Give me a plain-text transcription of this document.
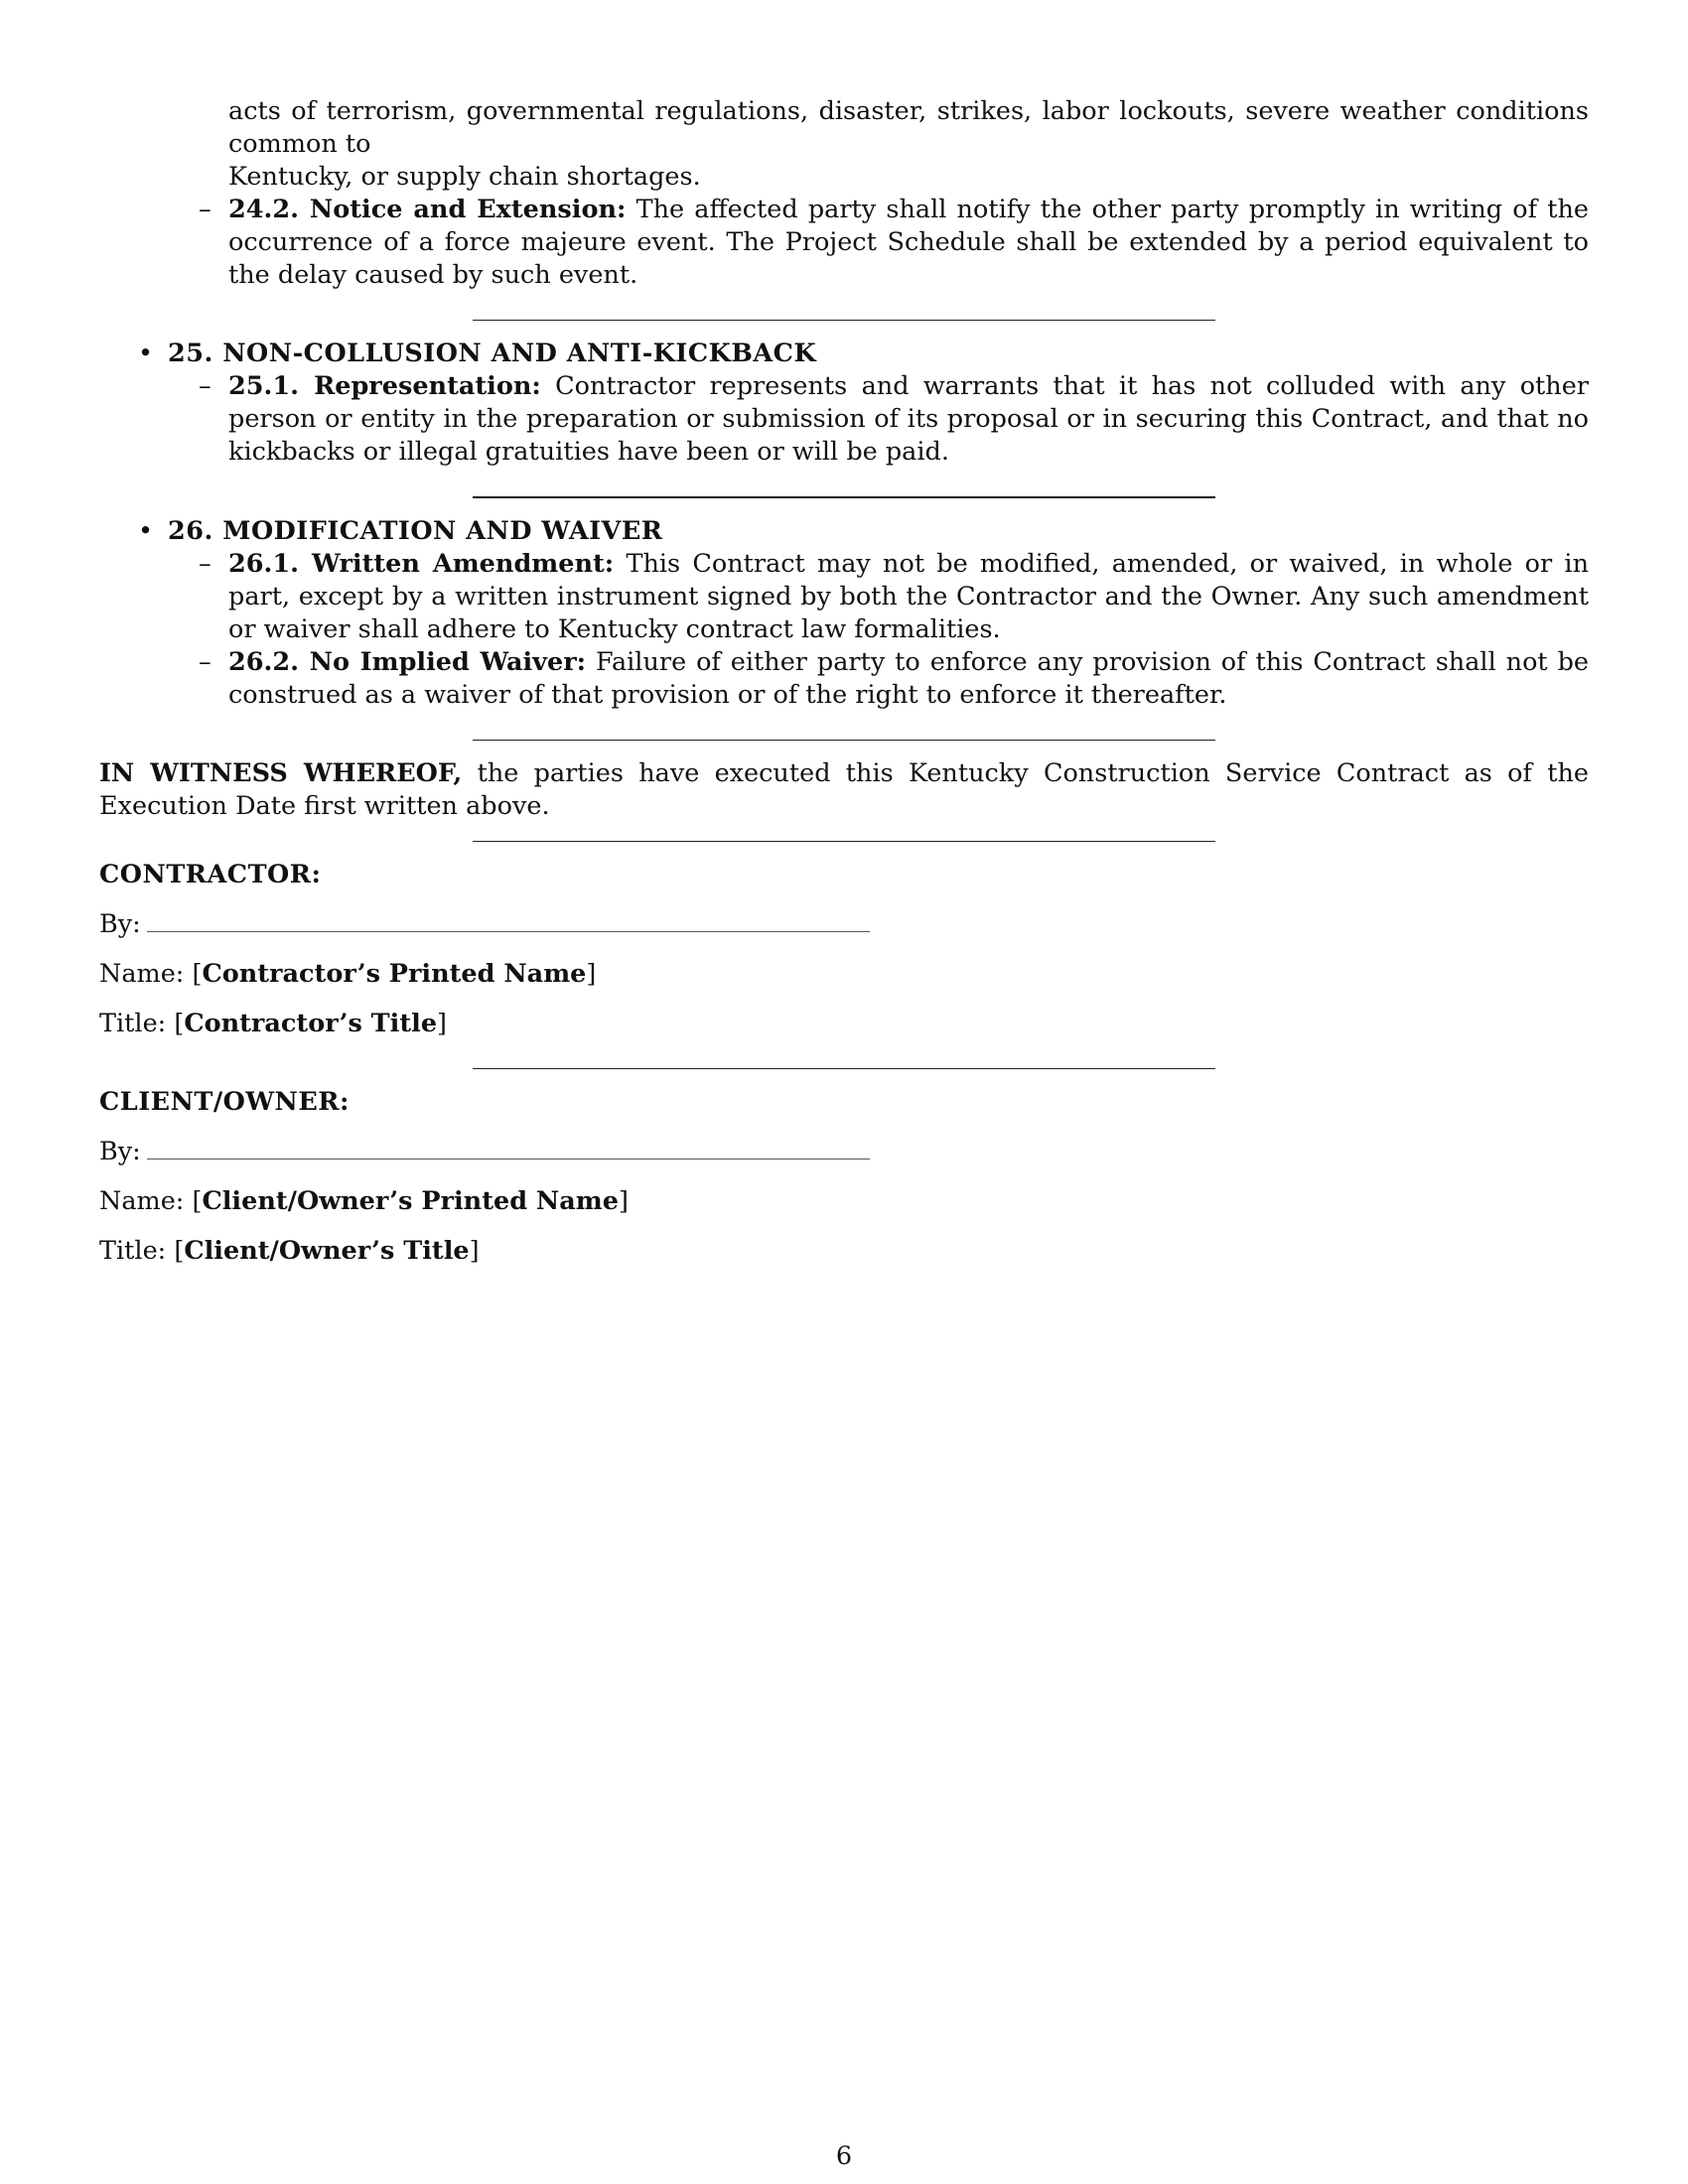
acts of terrorism, governmental regulations, disaster, strikes, labor lockouts, severe weather conditions common to
Kentucky, or supply chain shortages.
– 24.2. Notice and Extension: The affected party shall notify the other party promptly in writing of the occurrence of a force majeure event. The Project Schedule shall be extended by a period equivalent to the delay caused by such event.
• 25. NON-COLLUSION AND ANTI-KICKBACK
– 25.1. Representation: Contractor represents and warrants that it has not colluded with any other person or entity in the preparation or submission of its proposal or in securing this Contract, and that no kickbacks or illegal gratuities have been or will be paid.
• 26. MODIFICATION AND WAIVER
– 26.1. Written Amendment: This Contract may not be modified, amended, or waived, in whole or in part, except by a written instrument signed by both the Contractor and the Owner. Any such amendment or waiver shall adhere to Kentucky contract law formalities.
– 26.2. No Implied Waiver: Failure of either party to enforce any provision of this Contract shall not be construed as a waiver of that provision or of the right to enforce it thereafter.
IN WITNESS WHEREOF, the parties have executed this Kentucky Construction Service Contract as of the Execution Date first written above.
CONTRACTOR:
By:
Name: [Contractor’s Printed Name]
Title: [Contractor’s Title]
CLIENT/OWNER:
By:
Name: [Client/Owner’s Printed Name]
Title: [Client/Owner’s Title]
6
